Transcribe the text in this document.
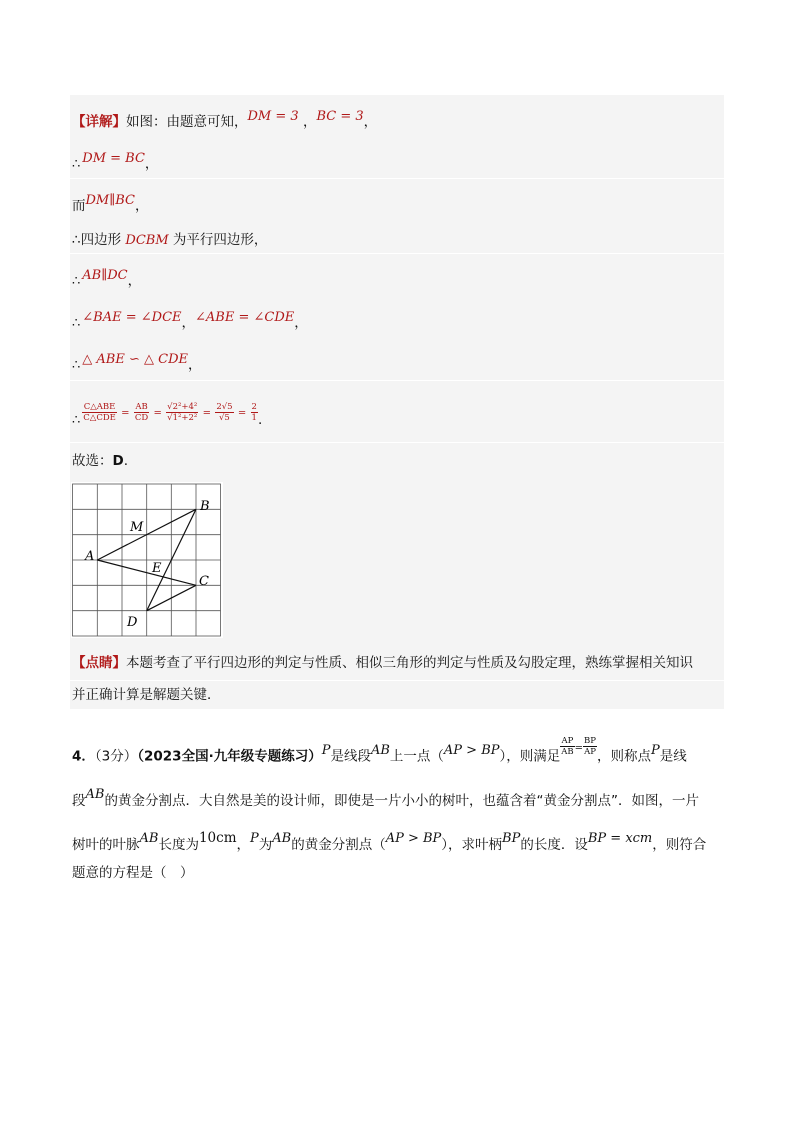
【详解】如图：由题意可知，DM = 3 ，BC = 3，
∴ DM = BC，
而DM∥BC，
∴四边形 DCBM 为平行四边形，
∴ AB∥DC，
∴ ∠BAE = ∠DCE，∠ABE = ∠CDE，
∴ △ ABE ∽ △ CDE，
∴ $\frac{\text{C△ABE}}{\text{C△CDE}} = \frac{AB}{CD} = \frac{\text{√2²+4²}}{\text{√1²+2²}} = \frac{2√5}{√5} = \frac{2}{1}$ .
故选：D.
A
B
C
D
E
M
【点睛】本题考查了平行四边形的判定与性质、相似三角形的判定与性质及勾股定理，熟练掌握相关知识
并正确计算是解题关键．
4．（3分）（2023全国·九年级专题练习）P是线段AB上一点（AP > BP），则满足 $\frac{AP}{AB} ^= \frac{BP}{AP}$ ，则称点P是线
段AB的黄金分割点．大自然是美的设计师，即使是一片小小的树叶，也蕴含着“黄金分割点”．如图，一片
树叶的叶脉AB长度为10cm，P为AB的黄金分割点（AP > BP），求叶柄BP的长度．设BP = xcm，则符合
题意的方程是（　）
